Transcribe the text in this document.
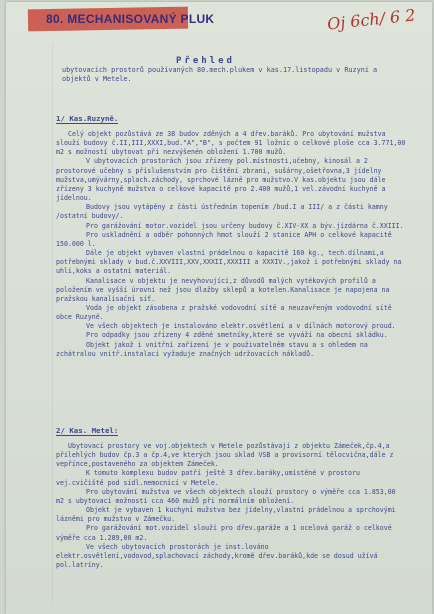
80. MECHANISOVANÝ PLUK	Oj 6ch/ 6 2
Přehled
ubytovacích prostorů používaných 80.mech.plukem v kas.17.listopadu v Ruzyni a objektů v Metele.
1/ Kas.Ruzyně.
Celý objekt pozůstává ze 38 budov zděných a 4 dřev.baráků. Pro ubytování mužstva slouží budovy č.II,III,XXXI,bud."A","B", s počtem 91 ložnic o celkové ploše cca 3.771,00 m2 s možností ubytovat při nezvýšenén obložení 1.700 mužů.
V ubytovacích prostorách jsou zřízeny pol.místnosti,učebny, kinosál a 2 prostorové učebny s příslušenstvím pro čištění zbraní, sušárny,ošetřovna,3 jídelny mužstva,umývárny,splach.záchody, sprchové lázně pro mužstvo.V kas.objektu jsou dále zřízeny 3 kuchyně mužstva o celkové kapacitě pro 2.400 mužů,1 vel.závodní kuchyně a jídelnou.
Budovy jsou vytápěny z části ústředním topením /bud.I a III/ a z části kamny /ostatní budovy/.
Pro garážování motor.vozidel jsou určeny budovy č.XIV-XX a býv.jízdárna č.XXIII.
Pro uskladnění a odběr pohonných hmot slouží 2 stanice APH o celkové kapacitě 150.000 l.
Dále je objekt vybaven vlastní prádelnou o kapacitě 160 kg., tech.dílnami,a potřebnými sklady v bud.č.XXVIII,XXV,XXXII,XXXIII a XXXIV.,jakož i potřebnými sklady na uhlí,koks a ostatní materiál.
Kanalisace v objektu je nevyhovující,z důvodů malých vytékových profilů a položením ve vyšší úrovni než jsou dlažby sklepů a kotelen.Kanalisace je napojena na pražskou kanalisační síť.
Voda je objekt zásobena z pražské vodovodní sítě a neuzavřeným vodovodní sítě obce Ruzyně.
Ve všech objektech je instalováno elektr.osvětlení a v dílnách motorový proud.
Pro odpadky jsou zřízeny 4 zděné smetníky,které se vyváží na obecní skládku.
Objekt jakož i vnitřní zařízení je v použivatelném stavu a s ohledem na zchátralou vnitř.instalaci vyžaduje značných udržovacích nákladů.
2/ Kas. Metel:
Ubytovací prostory ve voj.objektech v Metele pozůstávají z objektu Zámeček,čp.4,a přilehlých budov čp.3 a čp.4,ve kterých jsou sklad VSB a provisorní tělocvična,dále z vepřínce,postaveného za objektem Zámeček.
K tomuto komplexu budov patří ještě 3 dřev.baráky,umístěné v prostoru vej.cvičiště pod sídl.nemocnicí v Metele.
Pro ubytování mužstva ve všech objektech slouží prostory o výměře cca 1.853,00 m2 s ubytovací možností cca 460 mužů při normálním obložení.
Objekt je vybaven 1 kuchyní mužstva bez jídelny,vlastní prádelnou a sprchovými lázněmi pro mužstvo v Zámečku.
Pro garážování mot.vozidel slouží pro dřev.garáže a 1 ocelová garáž o celkové výměře cca 1.289,00 m2.
Ve všech ubytovacích prostorách je inst.lováno elektr.osvětlení,vodovod,splachovací záchody,kromě dřev.baráků,kde se dosud užívá pol.latríny.
